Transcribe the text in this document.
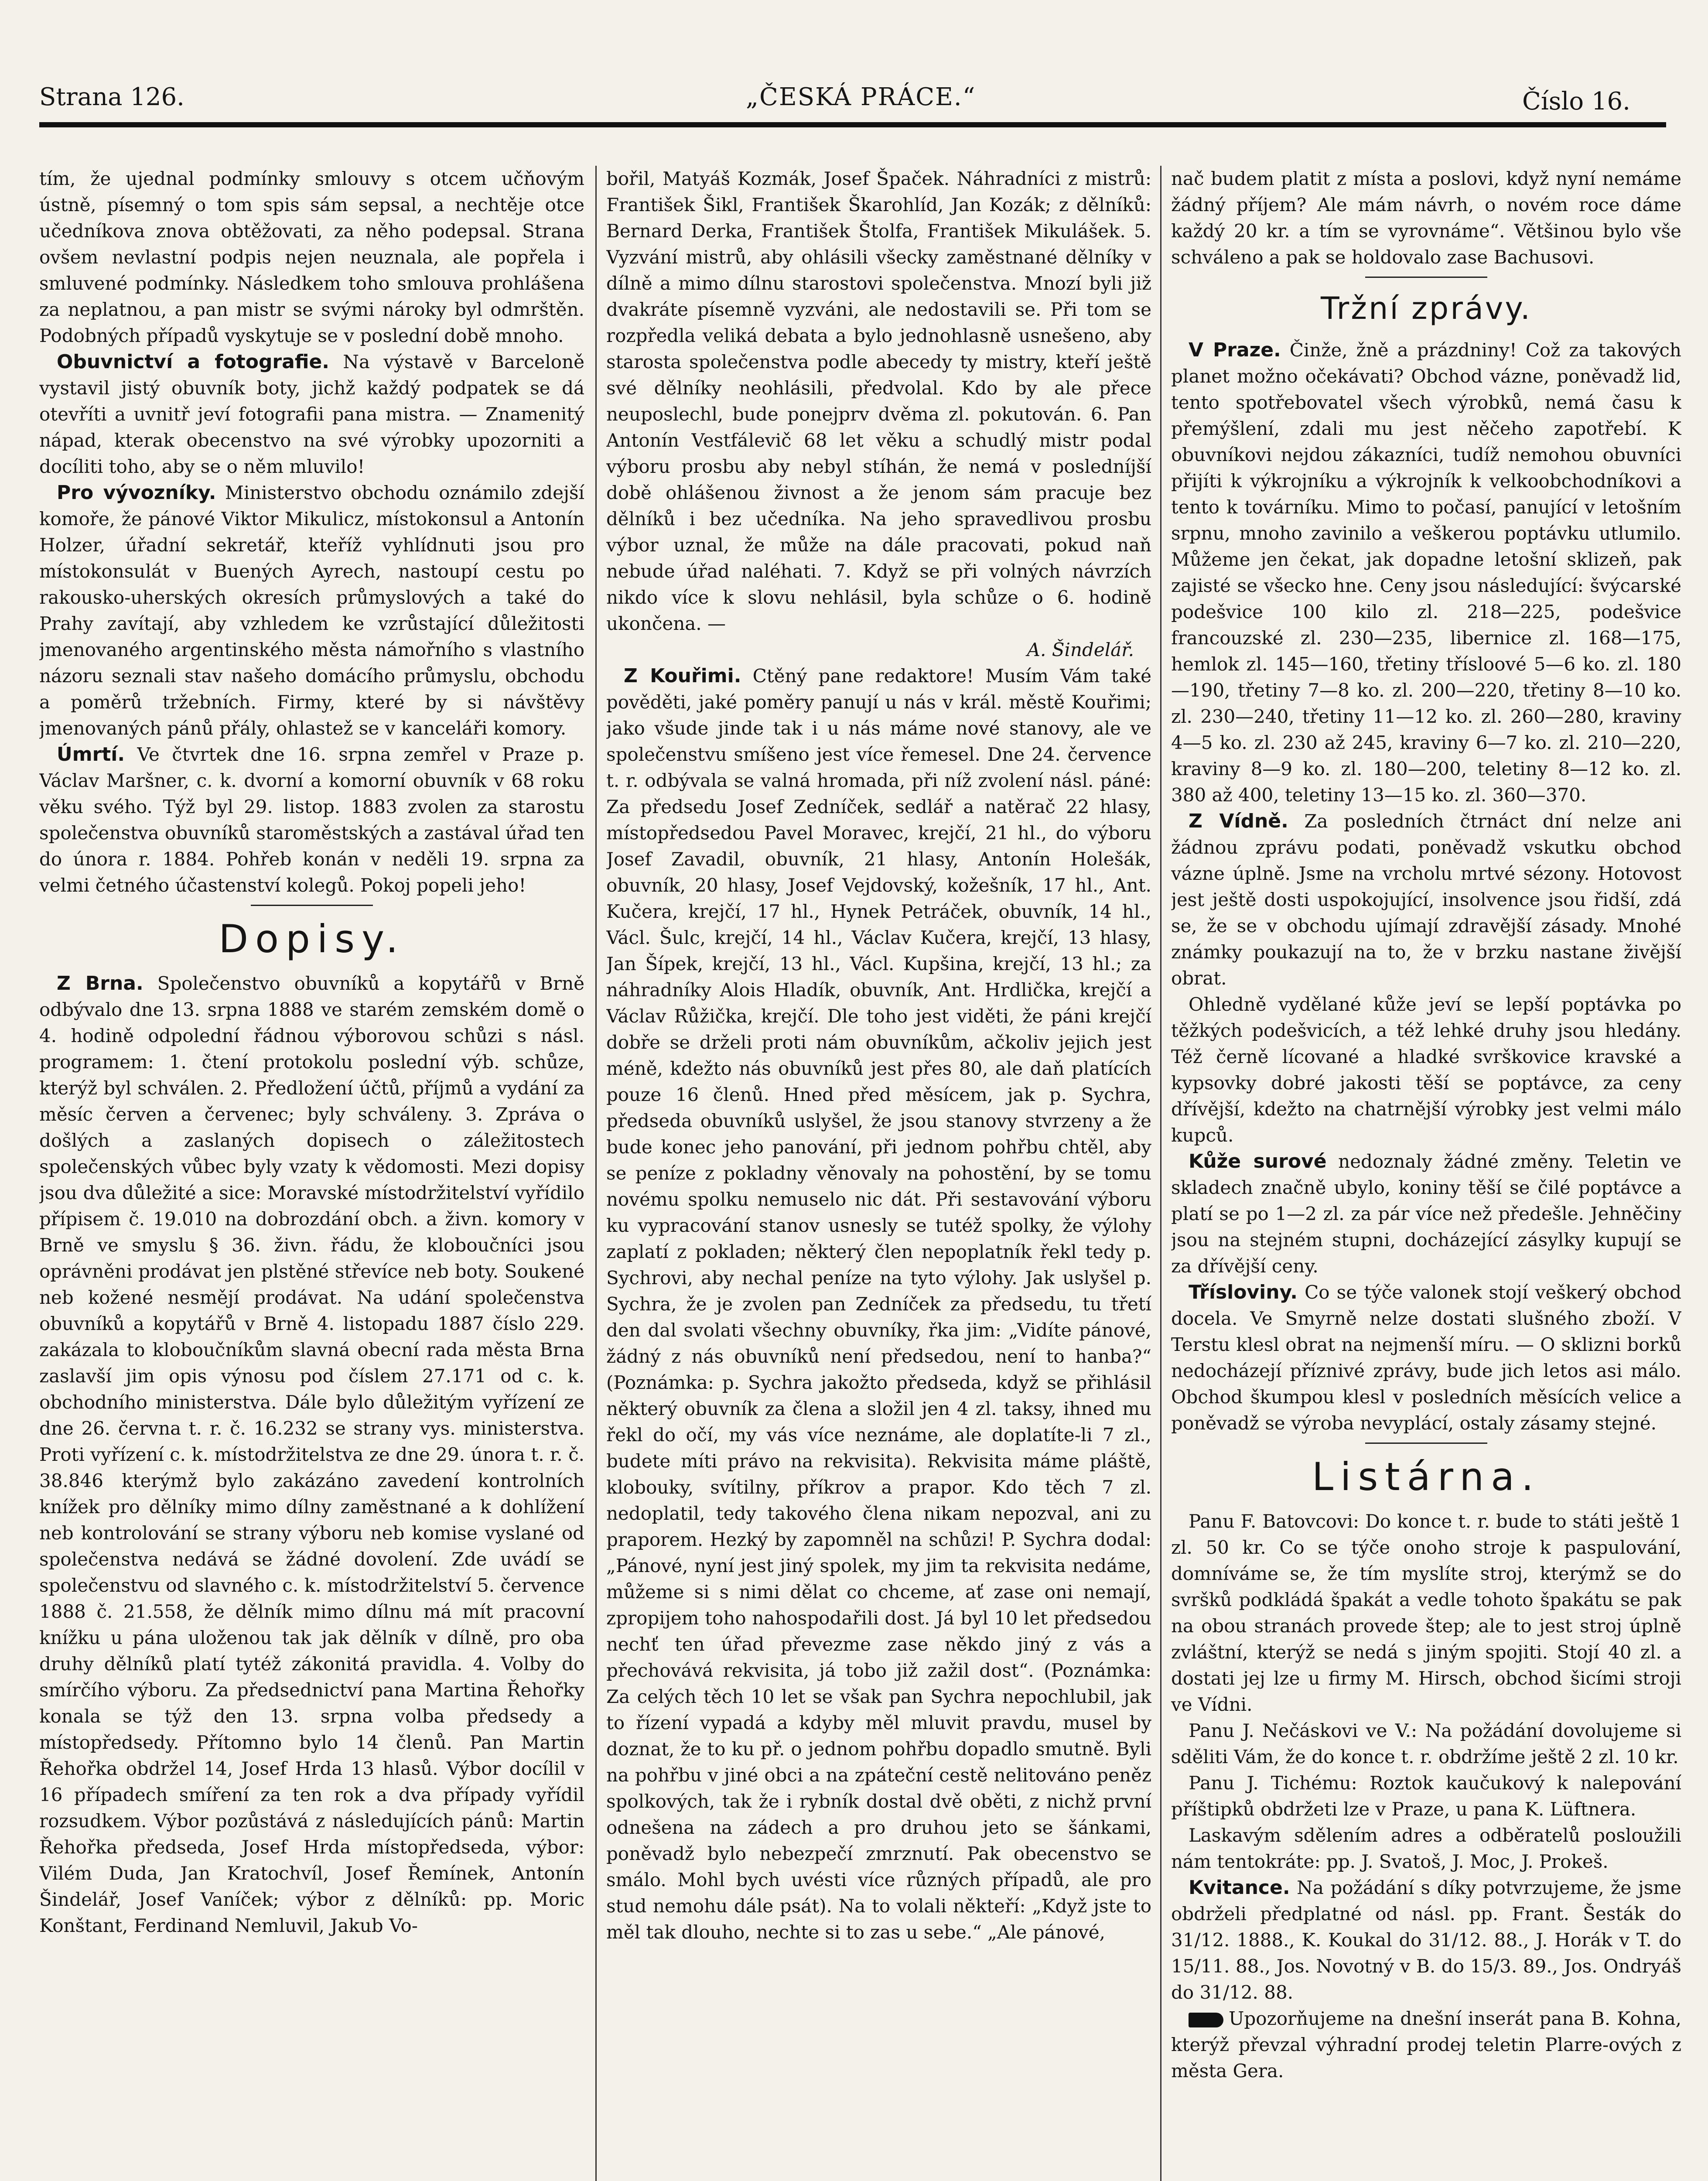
Strana 126.	„ČESKÁ PRÁCE.“	Číslo 16.

tím, že ujednal podmínky smlouvy s otcem učňovým ústně, písemný o tom spis sám sepsal, a nechtěje otce učedníkova znova obtěžovati, za něho podepsal. Strana ovšem nevlastní podpis nejen neuznala, ale popřela i smluvené podmínky. Následkem toho smlouva prohlášena za neplatnou, a pan mistr se svými nároky byl odmrštěn. Podobných případů vyskytuje se v poslední době mnoho.

Obuvnictví a fotografie. Na výstavě v Barceloně vystavil jistý obuvník boty, jichž každý podpatek se dá otevříti a uvnitř jeví fotografii pana mistra. — Znamenitý nápad, kterak obecenstvo na své výrobky upozorniti a docíliti toho, aby se o něm mluvilo!

Pro vývozníky. Ministerstvo obchodu oznámilo zdejší komoře, že pánové Viktor Mikulicz, místokonsul a Antonín Holzer, úřadní sekretář, kteříž vyhlídnuti jsou pro místokonsulát v Buených Ayrech, nastoupí cestu po rakousko-uherských okresích průmyslových a také do Prahy zavítají, aby vzhledem ke vzrůstající důležitosti jmenovaného argentinského města námořního s vlastního názoru seznali stav našeho domácího průmyslu, obchodu a poměrů tržebních. Firmy, které by si návštěvy jmenovaných pánů přály, ohlastež se v kanceláři komory.

Úmrtí. Ve čtvrtek dne 16. srpna zemřel v Praze p. Václav Maršner, c. k. dvorní a komorní obuvník v 68 roku věku svého. Týž byl 29. listop. 1883 zvolen za starostu společenstva obuvníků staroměstských a zastával úřad ten do února r. 1884. Pohřeb konán v neděli 19. srpna za velmi četného účastenství kolegů. Pokoj popeli jeho!

Dopisy.

Z Brna. Společenstvo obuvníků a kopytářů v Brně odbývalo dne 13. srpna 1888 ve starém zemském domě o 4. hodině odpolední řádnou výborovou schůzi s násl. programem: 1. čtení protokolu poslední výb. schůze, kterýž byl schválen. 2. Předložení účtů, příjmů a vydání za měsíc červen a červenec; byly schváleny. 3. Zpráva o došlých a zaslaných dopisech o záležitostech společenských vůbec byly vzaty k vědomosti. Mezi dopisy jsou dva důležité a sice: Moravské místodržitelství vyřídilo přípisem č. 19.010 na dobrozdání obch. a živn. komory v Brně ve smyslu § 36. živn. řádu, že kloboučníci jsou oprávněni prodávat jen plstěné střevíce neb boty. Soukené neb kožené nesmějí prodávat. Na udání společenstva obuvníků a kopytářů v Brně 4. listopadu 1887 číslo 229. zakázala to kloboučníkům slavná obecní rada města Brna zaslavší jim opis výnosu pod číslem 27.171 od c. k. obchodního ministerstva. Dále bylo důležitým vyřízení ze dne 26. června t. r. č. 16.232 se strany vys. ministerstva. Proti vyřízení c. k. místodržitelstva ze dne 29. února t. r. č. 38.846 kterýmž bylo zakázáno zavedení kontrolních knížek pro dělníky mimo dílny zaměstnané a k dohlížení neb kontrolování se strany výboru neb komise vyslané od společenstva nedává se žádné dovolení. Zde uvádí se společenstvu od slavného c. k. místodržitelství 5. července 1888 č. 21.558, že dělník mimo dílnu má mít pracovní knížku u pána uloženou tak jak dělník v dílně, pro oba druhy dělníků platí tytéž zákonitá pravidla. 4. Volby do smírčího výboru. Za předsednictví pana Martina Řehořky konala se týž den 13. srpna volba předsedy a místopředsedy. Přítomno bylo 14 členů. Pan Martin Řehořka obdržel 14, Josef Hrda 13 hlasů. Výbor docílil v 16 případech smíření za ten rok a dva případy vyřídil rozsudkem. Výbor pozůstává z následujících pánů: Martin Řehořka předseda, Josef Hrda místopředseda, výbor: Vilém Duda, Jan Kratochvíl, Josef Řemínek, Antonín Šindelář, Josef Vaníček; výbor z dělníků: pp. Moric Konštant, Ferdinand Nemluvil, Jakub Vo-

bořil, Matyáš Kozmák, Josef Špaček. Náhradníci z mistrů: František Šikl, František Škarohlíd, Jan Kozák; z dělníků: Bernard Derka, František Štolfa, František Mikulášek. 5. Vyzvání mistrů, aby ohlásili všecky zaměstnané dělníky v dílně a mimo dílnu starostovi společenstva. Mnozí byli již dvakráte písemně vyzváni, ale nedostavili se. Při tom se rozpředla veliká debata a bylo jednohlasně usnešeno, aby starosta společenstva podle abecedy ty mistry, kteří ještě své dělníky neohlásili, předvolal. Kdo by ale přece neuposlechl, bude ponejprv dvěma zl. pokutován. 6. Pan Antonín Vestfálevič 68 let věku a schudlý mistr podal výboru prosbu aby nebyl stíhán, že nemá v posledníjší době ohlášenou živnost a že jenom sám pracuje bez dělníků i bez učedníka. Na jeho spravedlivou prosbu výbor uznal, že může na dále pracovati, pokud naň nebude úřad naléhati. 7. Když se při volných návrzích nikdo více k slovu nehlásil, byla schůze o 6. hodině ukončena. —

A. Šindelář.

Z Kouřimi. Ctěný pane redaktore! Musím Vám také pověděti, jaké poměry panují u nás v král. městě Kouřimi; jako všude jinde tak i u nás máme nové stanovy, ale ve společenstvu smíšeno jest více řemesel. Dne 24. července t. r. odbývala se valná hromada, při níž zvolení násl. páné: Za předsedu Josef Zedníček, sedlář a natěrač 22 hlasy, místopředsedou Pavel Moravec, krejčí, 21 hl., do výboru Josef Zavadil, obuvník, 21 hlasy, Antonín Holešák, obuvník, 20 hlasy, Josef Vejdovský, kožešník, 17 hl., Ant. Kučera, krejčí, 17 hl., Hynek Petráček, obuvník, 14 hl., Václ. Šulc, krejčí, 14 hl., Václav Kučera, krejčí, 13 hlasy, Jan Šípek, krejčí, 13 hl., Václ. Kupšina, krejčí, 13 hl.; za náhradníky Alois Hladík, obuvník, Ant. Hrdlička, krejčí a Václav Růžička, krejčí. Dle toho jest viděti, že páni krejčí dobře se drželi proti nám obuvníkům, ačkoliv jejich jest méně, kdežto nás obuvníků jest přes 80, ale daň platících pouze 16 členů. Hned před měsícem, jak p. Sychra, předseda obuvníků uslyšel, že jsou stanovy stvrzeny a že bude konec jeho panování, při jednom pohřbu chtěl, aby se peníze z pokladny věnovaly na pohostění, by se tomu novému spolku nemuselo nic dát. Při sestavování výboru ku vypracování stanov usnesly se tutéž spolky, že výlohy zaplatí z pokladen; některý člen nepoplatník řekl tedy p. Sychrovi, aby nechal peníze na tyto výlohy. Jak uslyšel p. Sychra, že je zvolen pan Zedníček za předsedu, tu třetí den dal svolati všechny obuvníky, řka jim: „Vidíte pánové, žádný z nás obuvníků není předsedou, není to hanba?“ (Poznámka: p. Sychra jakožto předseda, když se přihlásil některý obuvník za člena a složil jen 4 zl. taksy, ihned mu řekl do očí, my vás více neznáme, ale doplatíte-li 7 zl., budete míti právo na rekvisita). Rekvisita máme pláště, klobouky, svítilny, příkrov a prapor. Kdo těch 7 zl. nedoplatil, tedy takového člena nikam nepozval, ani zu praporem. Hezký by zapomněl na schůzi! P. Sychra dodal: „Pánové, nyní jest jiný spolek, my jim ta rekvisita nedáme, můžeme si s nimi dělat co chceme, ať zase oni nemají, zpropijem toho nahospodařili dost. Já byl 10 let předsedou nechť ten úřad převezme zase někdo jiný z vás a přechovává rekvisita, já tobo již zažil dost“. (Poznámka: Za celých těch 10 let se však pan Sychra nepochlubil, jak to řízení vypadá a kdyby měl mluvit pravdu, musel by doznat, že to ku př. o jednom pohřbu dopadlo smutně. Byli na pohřbu v jiné obci a na zpáteční cestě nelitováno peněz spolkových, tak že i rybník dostal dvě oběti, z nichž první odnešena na zádech a pro druhou jeto se šánkami, poněvadž bylo nebezpečí zmrznutí. Pak obecenstvo se smálo. Mohl bych uvésti více různých případů, ale pro stud nemohu dále psát). Na to volali někteří: „Když jste to měl tak dlouho, nechte si to zas u sebe.“ „Ale pánové,

nač budem platit z místa a poslovi, když nyní nemáme žádný příjem? Ale mám návrh, o novém roce dáme každý 20 kr. a tím se vyrovnáme“. Většinou bylo vše schváleno a pak se holdovalo zase Bachusovi.

Tržní zprávy.

V Praze. Činže, žně a prázdniny! Což za takových planet možno očekávati? Obchod vázne, poněvadž lid, tento spotřebovatel všech výrobků, nemá času k přemýšlení, zdali mu jest něčeho zapotřebí. K obuvníkovi nejdou zákazníci, tudíž nemohou obuvníci přijíti k výkrojníku a výkrojník k velkoobchodníkovi a tento k továrníku. Mimo to počasí, panující v letošním srpnu, mnoho zavinilo a veškerou poptávku utlumilo. Můžeme jen čekat, jak dopadne letošní sklizeň, pak zajisté se všecko hne. Ceny jsou následující: švýcarské podešvice 100 kilo zl. 218—225, podešvice francouzské zl. 230—235, libernice zl. 168—175, hemlok zl. 145—160, třetiny třísloové 5—6 ko. zl. 180—190, třetiny 7—8 ko. zl. 200—220, třetiny 8—10 ko. zl. 230—240, třetiny 11—12 ko. zl. 260—280, kraviny 4—5 ko. zl. 230 až 245, kraviny 6—7 ko. zl. 210—220, kraviny 8—9 ko. zl. 180—200, teletiny 8—12 ko. zl. 380 až 400, teletiny 13—15 ko. zl. 360—370.

Z Vídně. Za posledních čtrnáct dní nelze ani žádnou zprávu podati, poněvadž vskutku obchod vázne úplně. Jsme na vrcholu mrtvé sézony. Hotovost jest ještě dosti uspokojující, insolvence jsou řidší, zdá se, že se v obchodu ujímají zdravější zásady. Mnohé známky poukazují na to, že v brzku nastane živější obrat.

Ohledně vydělané kůže jeví se lepší poptávka po těžkých podešvicích, a též lehké druhy jsou hledány. Též černě lícované a hladké svrškovice kravské a kypsovky dobré jakosti těší se poptávce, za ceny dřívější, kdežto na chatrnější výrobky jest velmi málo kupců.

Kůže surové nedoznaly žádné změny. Teletin ve skladech značně ubylo, koniny těší se čilé poptávce a platí se po 1—2 zl. za pár více než předešle. Jehněčiny jsou na stejném stupni, docházející zásylky kupují se za dřívější ceny.

Třísloviny. Co se týče valonek stojí veškerý obchod docela. Ve Smyrně nelze dostati slušného zboží. V Terstu klesl obrat na nejmenší míru. — O sklizni borků nedocházejí příznivé zprávy, bude jich letos asi málo. Obchod škumpou klesl v posledních měsících velice a poněvadž se výroba nevyplácí, ostaly zásamy stejné.

Listárna.

Panu F. Batovcovi: Do konce t. r. bude to státi ještě 1 zl. 50 kr. Co se týče onoho stroje k paspulování, domníváme se, že tím myslíte stroj, kterýmž se do svršků podkládá špakát a vedle tohoto špakátu se pak na obou stranách provede štep; ale to jest stroj úplně zvláštní, kterýž se nedá s jiným spojiti. Stojí 40 zl. a dostati jej lze u firmy M. Hirsch, obchod šicími stroji ve Vídni.

Panu J. Nečáskovi ve V.: Na požádání dovolujeme si sděliti Vám, že do konce t. r. obdržíme ještě 2 zl. 10 kr.

Panu J. Tichému: Roztok kaučukový k nalepování příštipků obdržeti lze v Praze, u pana K. Lüftnera.

Laskavým sdělením adres a odběratelů posloužili nám tentokráte: pp. J. Svatoš, J. Moc, J. Prokeš.

Kvitance. Na požádání s díky potvrzujeme, že jsme obdrželi předplatné od násl. pp. Frant. Šesták do 31/12. 1888., K. Koukal do 31/12. 88., J. Horák v T. do 15/11. 88., Jos. Novotný v B. do 15/3. 89., Jos. Ondryáš do 31/12. 88.

Upozorňujeme na dnešní inserát pana B. Kohna, kterýž převzal výhradní prodej teletin Plarre-ových z města Gera.
